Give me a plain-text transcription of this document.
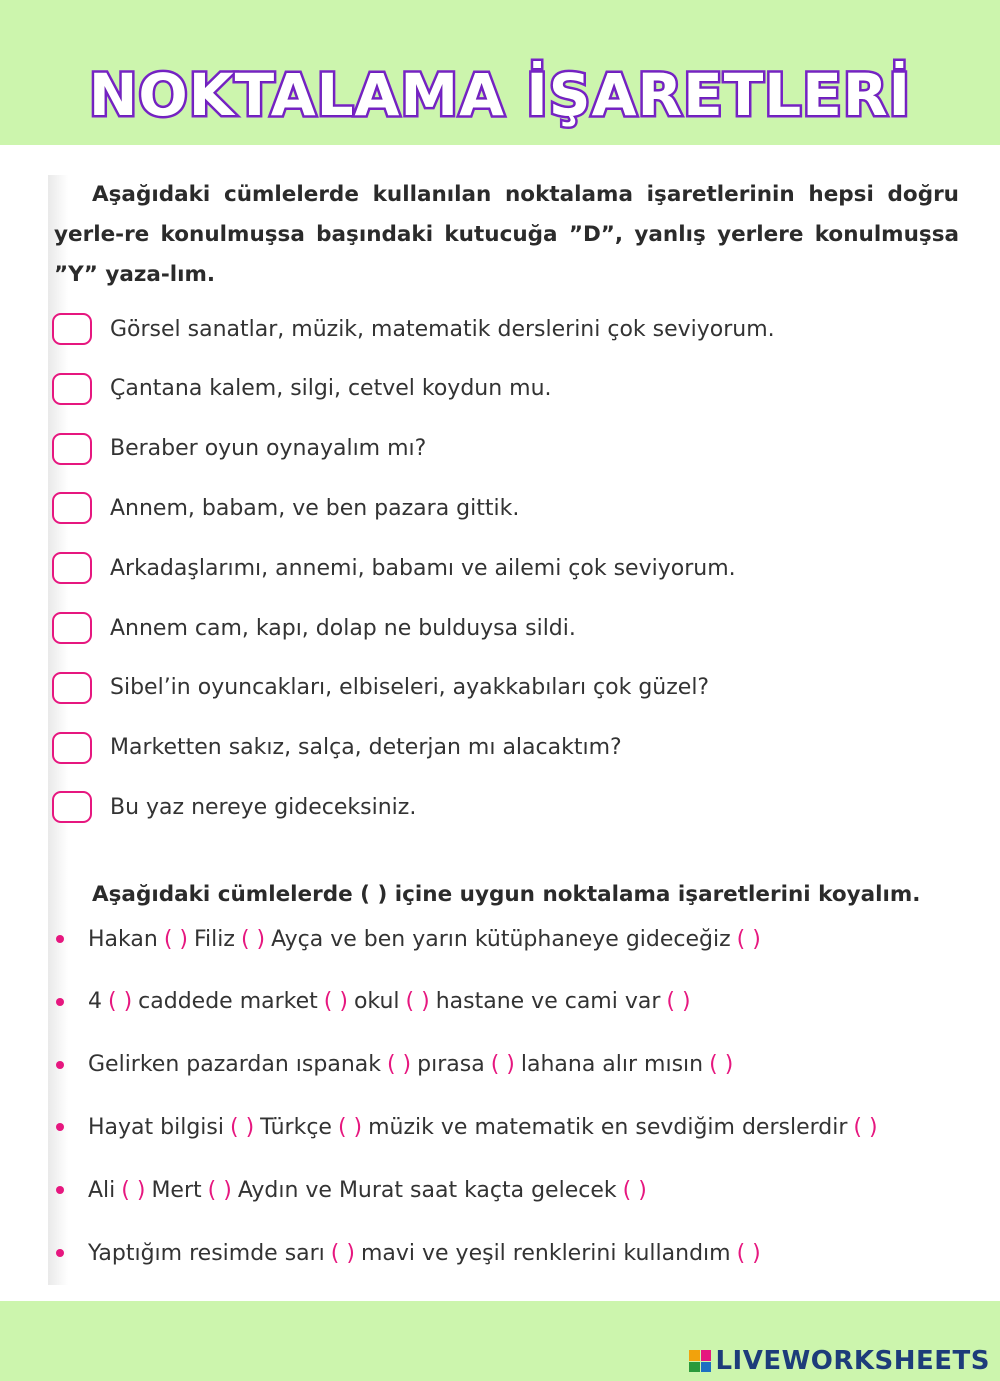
NOKTALAMA İŞARETLERİ
Aşağıdaki cümlelerde kullanılan noktalama işaretlerinin hepsi doğru yerle-re konulmuşsa başındaki kutucuğa ”D”, yanlış yerlere konulmuşsa ”Y” yaza-lım.
Görsel sanatlar, müzik, matematik derslerini çok seviyorum.
Çantana kalem, silgi, cetvel koydun mu.
Beraber oyun oynayalım mı?
Annem, babam, ve ben pazara gittik.
Arkadaşlarımı, annemi, babamı ve ailemi çok seviyorum.
Annem cam, kapı, dolap ne bulduysa sildi.
Sibel’in oyuncakları, elbiseleri, ayakkabıları çok güzel?
Marketten sakız, salça, deterjan mı alacaktım?
Bu yaz nereye gideceksiniz.
Aşağıdaki cümlelerde ( ) içine uygun noktalama işaretlerini koyalım.
Hakan ( ) Filiz ( ) Ayça ve ben yarın kütüphaneye gideceğiz ( )
4 ( ) caddede market ( ) okul ( ) hastane ve cami var ( )
Gelirken pazardan ıspanak ( ) pırasa ( ) lahana alır mısın ( )
Hayat bilgisi ( ) Türkçe ( ) müzik ve matematik en sevdiğim derslerdir ( )
Ali ( ) Mert ( ) Aydın ve Murat saat kaçta gelecek ( )
Yaptığım resimde sarı ( ) mavi ve yeşil renklerini kullandım ( )
LIVEWORKSHEETS
